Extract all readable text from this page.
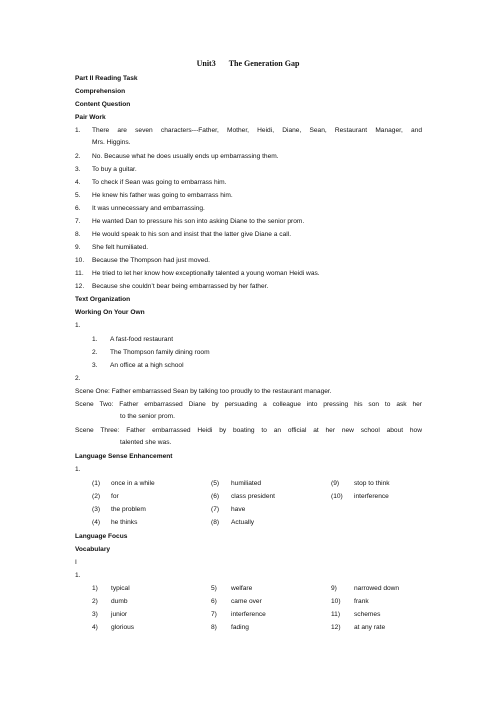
Unit3 The Generation Gap
Part II Reading Task
Comprehension
Content Question
Pair Work
1. There are seven characters---Father, Mother, Heidi, Diane, Sean, Restaurant Manager, and
Mrs. Higgins.
2. No. Because what he does usually ends up embarrassing them.
3. To buy a guitar.
4. To check if Sean was going to embarrass him.
5. He knew his father was going to embarrass him.
6. It was unnecessary and embarrassing.
7. He wanted Dan to pressure his son into asking Diane to the senior prom.
8. He would speak to his son and insist that the latter give Diane a call.
9. She felt humiliated.
10. Because the Thompson had just moved.
11. He tried to let her know how exceptionally talented a young woman Heidi was.
12. Because she couldn’t bear being embarrassed by her father.
Text Organization
Working On Your Own
1.
1. A fast-food restaurant
2. The Thompson family dining room
3. An office at a high school
2.
Scene One: Father embarrassed Sean by talking too proudly to the restaurant manager.
Scene Two: Father embarrassed Diane by persuading a colleague into pressing his son to ask her
to the senior prom.
Scene Three: Father embarrassed Heidi by boating to an official at her new school about how
talented she was.
Language Sense Enhancement
1.
(1) once in a while
(2) for
(3) the problem
(4) he thinks
(5) humiliated
(6) class president
(7) have
(8) Actually
(9) stop to think
(10) interference
Language Focus
Vocabulary
I
1.
1) typical
2) dumb
3) junior
4) glorious
5) welfare
6) came over
7) interference
8) fading
9)	narrowed down
10) frank
11) schemes
12) at any rate
